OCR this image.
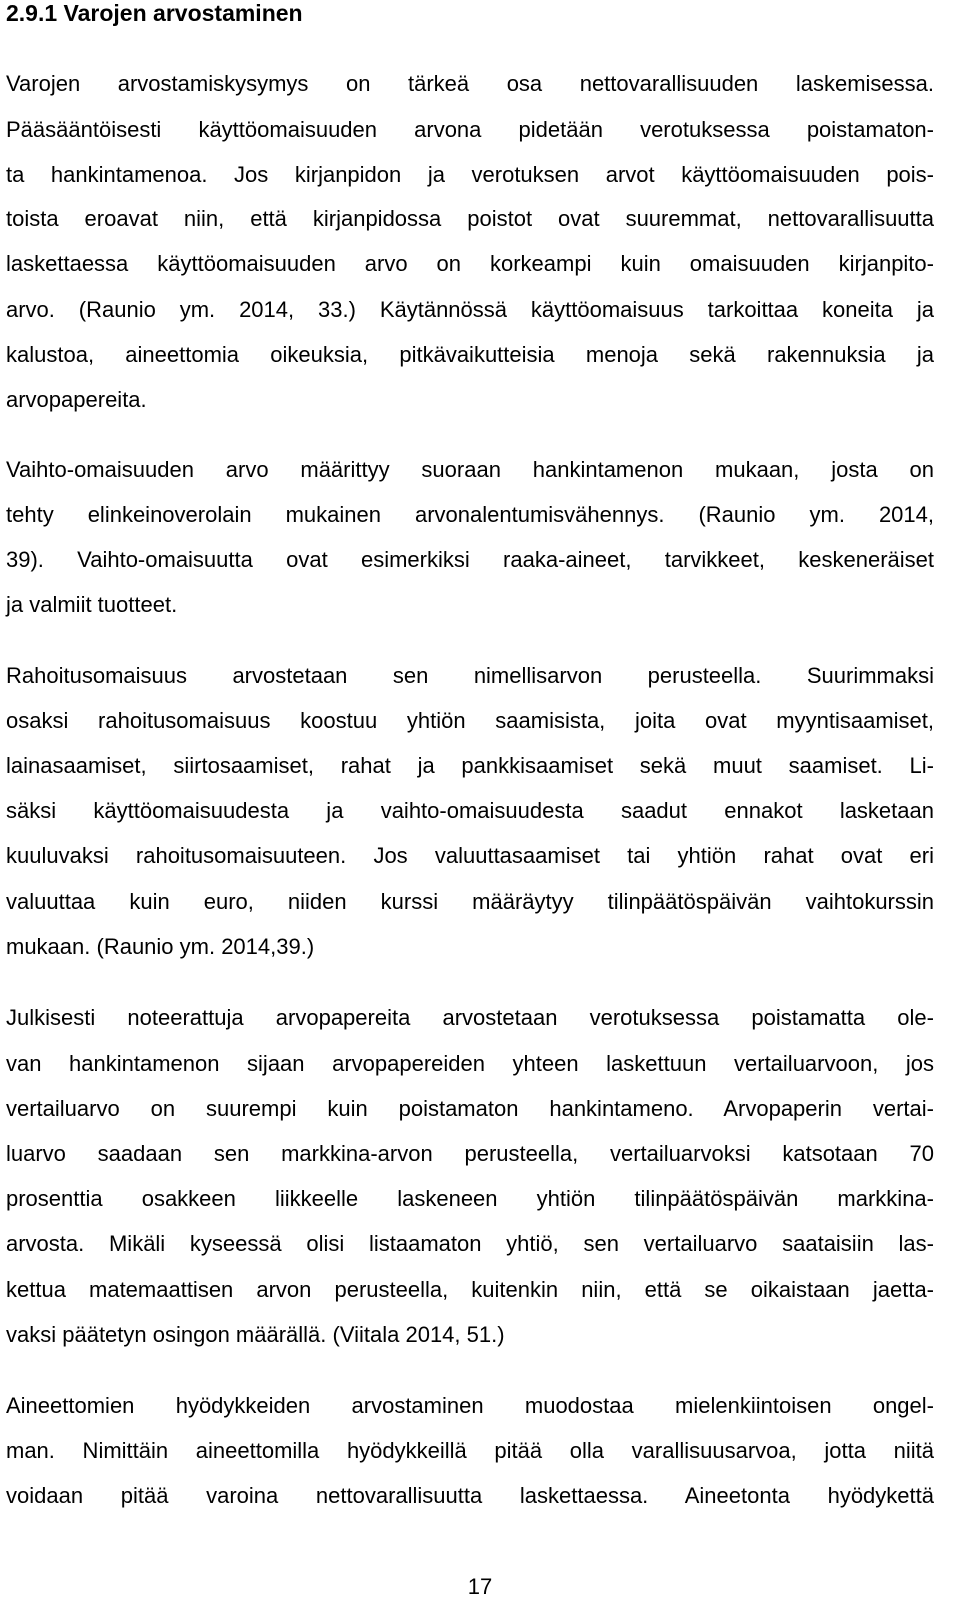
2.9.1 Varojen arvostaminen
Varojen arvostamiskysymys on tärkeä osa nettovarallisuuden laskemisessa.
Pääsääntöisesti käyttöomaisuuden arvona pidetään verotuksessa poistamaton-
ta hankintamenoa. Jos kirjanpidon ja verotuksen arvot käyttöomaisuuden pois-
toista eroavat niin, että kirjanpidossa poistot ovat suuremmat, nettovarallisuutta
laskettaessa käyttöomaisuuden arvo on korkeampi kuin omaisuuden kirjanpito-
arvo. (Raunio ym. 2014, 33.) Käytännössä käyttöomaisuus tarkoittaa koneita ja
kalustoa, aineettomia oikeuksia, pitkävaikutteisia menoja sekä rakennuksia ja
arvopapereita.
Vaihto-omaisuuden arvo määrittyy suoraan hankintamenon mukaan, josta on
tehty elinkeinoverolain mukainen arvonalentumisvähennys. (Raunio ym. 2014,
39). Vaihto-omaisuutta ovat esimerkiksi raaka-aineet, tarvikkeet, keskeneräiset
ja valmiit tuotteet.
Rahoitusomaisuus arvostetaan sen nimellisarvon perusteella. Suurimmaksi
osaksi rahoitusomaisuus koostuu yhtiön saamisista, joita ovat myyntisaamiset,
lainasaamiset, siirtosaamiset, rahat ja pankkisaamiset sekä muut saamiset. Li-
säksi käyttöomaisuudesta ja vaihto-omaisuudesta saadut ennakot lasketaan
kuuluvaksi rahoitusomaisuuteen. Jos valuuttasaamiset tai yhtiön rahat ovat eri
valuuttaa kuin euro, niiden kurssi määräytyy tilinpäätöspäivän vaihtokurssin
mukaan. (Raunio ym. 2014,39.)
Julkisesti noteerattuja arvopapereita arvostetaan verotuksessa poistamatta ole-
van hankintamenon sijaan arvopapereiden yhteen laskettuun vertailuarvoon, jos
vertailuarvo on suurempi kuin poistamaton hankintameno. Arvopaperin vertai-
luarvo saadaan sen markkina-arvon perusteella, vertailuarvoksi katsotaan 70
prosenttia osakkeen liikkeelle laskeneen yhtiön tilinpäätöspäivän markkina-
arvosta. Mikäli kyseessä olisi listaamaton yhtiö, sen vertailuarvo saataisiin las-
kettua matemaattisen arvon perusteella, kuitenkin niin, että se oikaistaan jaetta-
vaksi päätetyn osingon määrällä. (Viitala 2014, 51.)
Aineettomien hyödykkeiden arvostaminen muodostaa mielenkiintoisen ongel-
man. Nimittäin aineettomilla hyödykkeillä pitää olla varallisuusarvoa, jotta niitä
voidaan pitää varoina nettovarallisuutta laskettaessa. Aineetonta hyödykettä
17
